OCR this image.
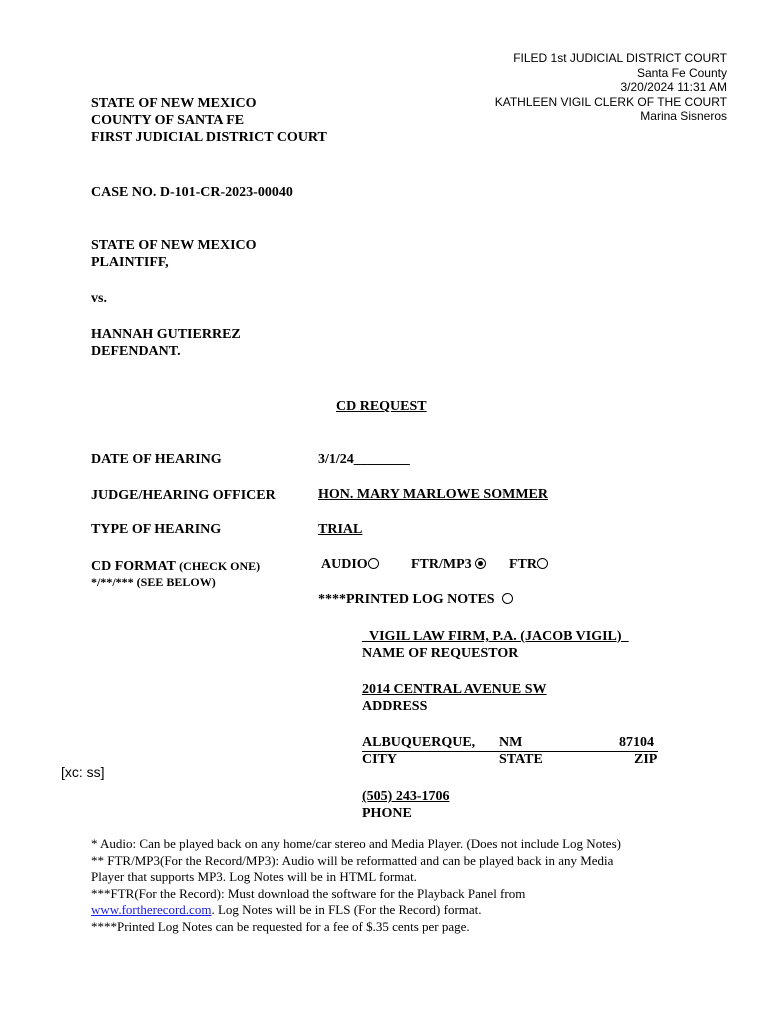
FILED 1st JUDICIAL DISTRICT COURT
Santa Fe County
3/20/2024 11:31 AM
KATHLEEN VIGIL CLERK OF THE COURT
Marina Sisneros
STATE OF NEW MEXICO
COUNTY OF SANTA FE
FIRST JUDICIAL DISTRICT COURT
CASE NO. D-101-CR-2023-00040
STATE OF NEW MEXICO
PLAINTIFF,
vs.
HANNAH GUTIERREZ
DEFENDANT.
CD REQUEST
DATE OF HEARING	3/1/24________
JUDGE/HEARING OFFICER	HON. MARY MARLOWE SOMMER
TYPE OF HEARING	TRIAL
CD FORMAT (CHECK ONE)
*/**/*** (SEE BELOW)
AUDIO	FTR/MP3	FTR
****PRINTED LOG NOTES
_VIGIL LAW FIRM, P.A. (JACOB VIGIL)_
NAME OF REQUESTOR
2014 CENTRAL AVENUE SW
ADDRESS
ALBUQUERQUE, NM	87104
CITY	STATE	ZIP
(505) 243-1706
PHONE
[xc: ss]
* Audio: Can be played back on any home/car stereo and Media Player. (Does not include Log Notes)
** FTR/MP3(For the Record/MP3): Audio will be reformatted and can be played back in any Media
Player that supports MP3. Log Notes will be in HTML format.
***FTR(For the Record): Must download the software for the Playback Panel from
www.fortherecord.com. Log Notes will be in FLS (For the Record) format.
****Printed Log Notes can be requested for a fee of $.35 cents per page.
